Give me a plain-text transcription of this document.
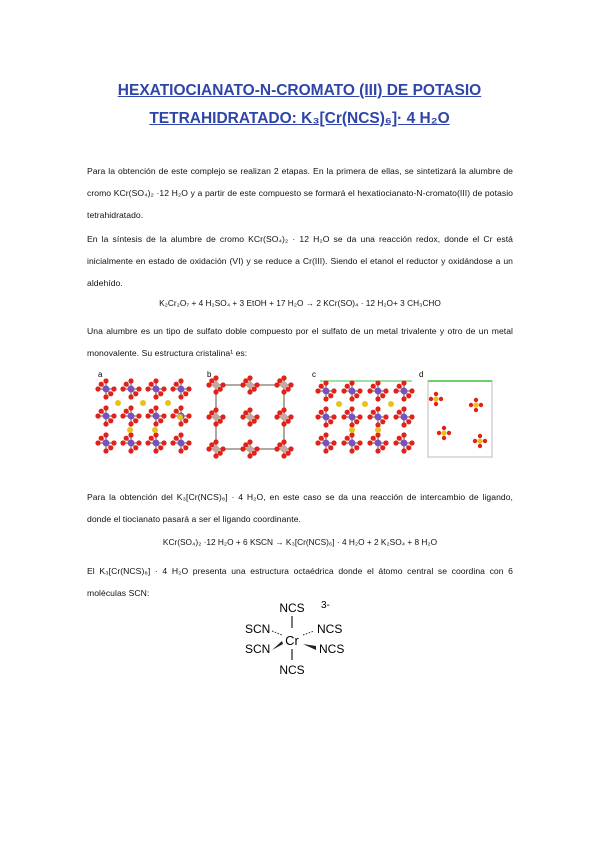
HEXATIOCIANATO-N-CROMATO (III) DE POTASIO
TETRAHIDRATADO: K₃[Cr(NCS)₆]· 4 H₂O
Para la obtención de este complejo se realizan 2 etapas. En la primera de ellas, se sintetizará la alumbre de cromo KCr(SO₄)₂ ·12 H₂O y a partir de este compuesto se formará el hexatiocianato-N-cromato(III) de potasio tetrahidratado.
En la síntesis de la alumbre de cromo KCr(SO₄)₂ · 12 H₂O se da una reacción redox, donde el Cr está inicialmente en estado de oxidación (VI) y se reduce a Cr(III). Siendo el etanol el reductor y oxidándose a un aldehído.
K₂Cr₂O₇ + 4 H₂SO₄ + 3 EtOH + 17 H₂O → 2 KCr(SO)₄ · 12 H₂O+ 3 CH₃CHO
Una alumbre es un tipo de sulfato doble compuesto por el sulfato de un metal trivalente y otro de un metal monovalente. Su estructura cristalina¹ es:
a	b	c	d
Para la obtención del K₃[Cr(NCS)₆] · 4 H₂O, en este caso se da una reacción de intercambio de ligando, donde el tiocianato pasará a ser el ligando coordinante.
KCr(SO₄)₂ ·12 H₂O + 6 KSCN → K₃[Cr(NCS)₆] · 4 H₂O + 2 K₂SO₄ + 8 H₂O
El K₃[Cr(NCS)₆] · 4 H₂O presenta una estructura octaédrica donde el átomo central se coordina con 6 moléculas SCN:
NCS 3-
SCN	NCS
Cr
SCN	NCS
NCS
